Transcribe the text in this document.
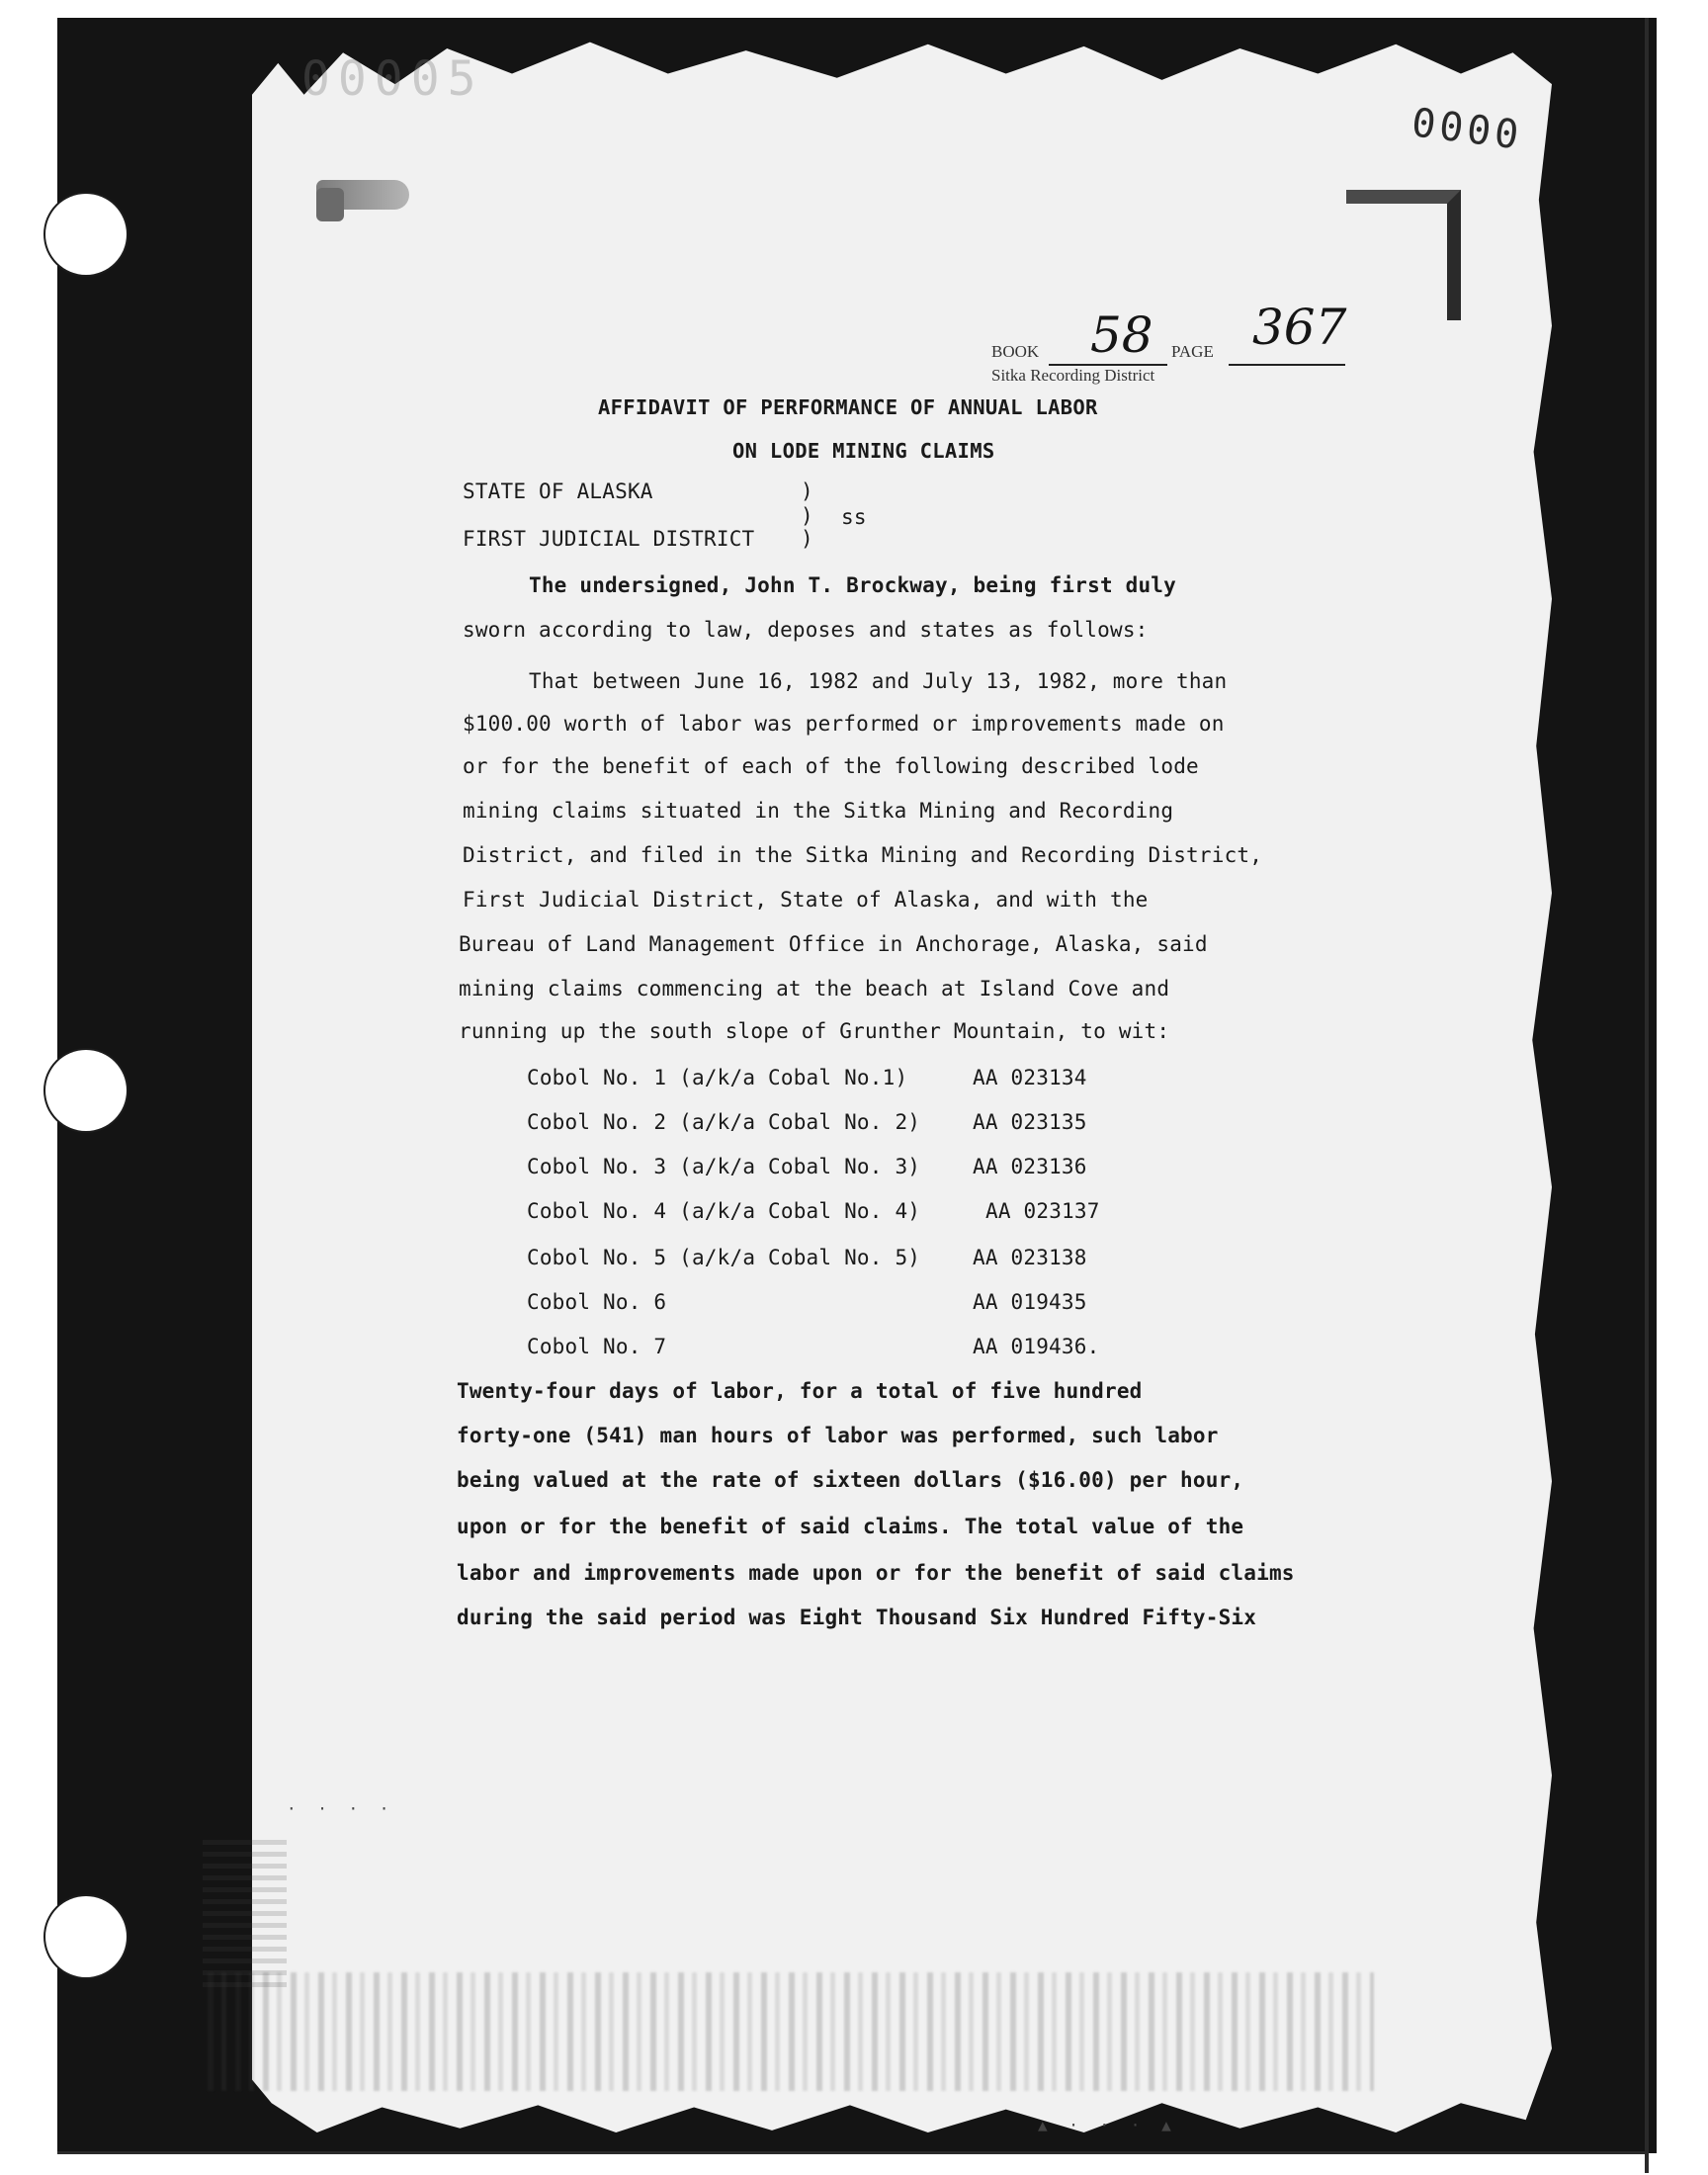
00005
0000
BOOK 58 PAGE 367
Sitka Recording District
AFFIDAVIT OF PERFORMANCE OF ANNUAL LABOR
ON LODE MINING CLAIMS
STATE OF ALASKA	)
) ss
FIRST JUDICIAL DISTRICT )
The undersigned, John T. Brockway, being first duly
sworn according to law, deposes and states as follows:
That between June 16, 1982 and July 13, 1982, more than
$100.00 worth of labor was performed or improvements made on
or for the benefit of each of the following described lode
mining claims situated in the Sitka Mining and Recording
District, and filed in the Sitka Mining and Recording District,
First Judicial District, State of Alaska, and with the
Bureau of Land Management Office in Anchorage, Alaska, said
mining claims commencing at the beach at Island Cove and
running up the south slope of Grunther Mountain, to wit:
Cobol No. 1 (a/k/a Cobal No.1)	AA 023134
Cobol No. 2 (a/k/a Cobal No. 2)	AA 023135
Cobol No. 3 (a/k/a Cobal No. 3)	AA 023136
Cobol No. 4 (a/k/a Cobal No. 4)	AA 023137
Cobol No. 5 (a/k/a Cobal No. 5)	AA 023138
Cobol No. 6	AA 019435
Cobol No. 7	AA 019436.
Twenty-four days of labor, for a total of five hundred
forty-one (541) man hours of labor was performed, such labor
being valued at the rate of sixteen dollars ($16.00) per hour,
upon or for the benefit of said claims. The total value of the
labor and improvements made upon or for the benefit of said claims
during the said period was Eight Thousand Six Hundred Fifty-Six
· · · ·
▲ · · · ▲
